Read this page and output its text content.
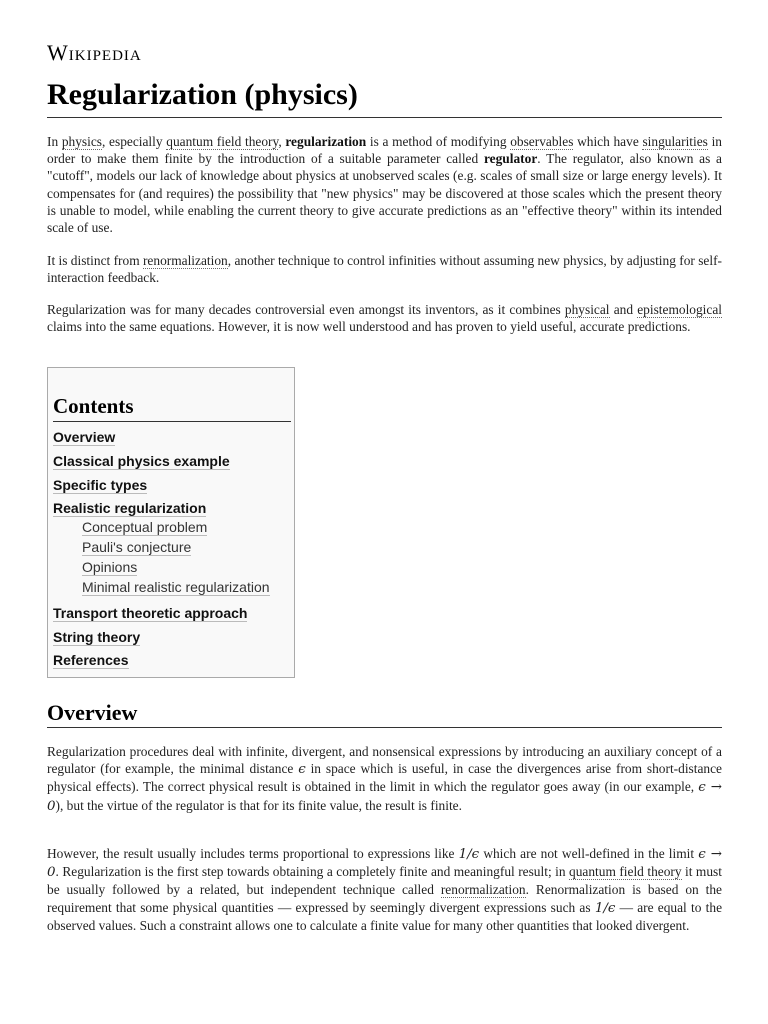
Wikipedia
Regularization (physics)

In physics, especially quantum field theory, regularization is a method of modifying observables which have singularities in order to make them finite by the introduction of a suitable parameter called regulator. The regulator, also known as a "cutoff", models our lack of knowledge about physics at unobserved scales (e.g. scales of small size or large energy levels). It compensates for (and requires) the possibility that "new physics" may be discovered at those scales which the present theory is unable to model, while enabling the current theory to give accurate predictions as an "effective theory" within its intended scale of use.

It is distinct from renormalization, another technique to control infinities without assuming new physics, by adjusting for self-interaction feedback.

Regularization was for many decades controversial even amongst its inventors, as it combines physical and epistemological claims into the same equations. However, it is now well understood and has proven to yield useful, accurate predictions.

Contents
Overview
Classical physics example
Specific types
Realistic regularization
Conceptual problem
Pauli's conjecture
Opinions
Minimal realistic regularization
Transport theoretic approach
String theory
References
Overview

Regularization procedures deal with infinite, divergent, and nonsensical expressions by introducing an auxiliary concept of a regulator (for example, the minimal distance ϵ in space which is useful, in case the divergences arise from short-distance physical effects). The correct physical result is obtained in the limit in which the regulator goes away (in our example, ϵ → 0), but the virtue of the regulator is that for its finite value, the result is finite.

However, the result usually includes terms proportional to expressions like 1/ϵ which are not well-defined in the limit ϵ → 0. Regularization is the first step towards obtaining a completely finite and meaningful result; in quantum field theory it must be usually followed by a related, but independent technique called renormalization. Renormalization is based on the requirement that some physical quantities — expressed by seemingly divergent expressions such as 1/ϵ — are equal to the observed values. Such a constraint allows one to calculate a finite value for many other quantities that looked divergent.
